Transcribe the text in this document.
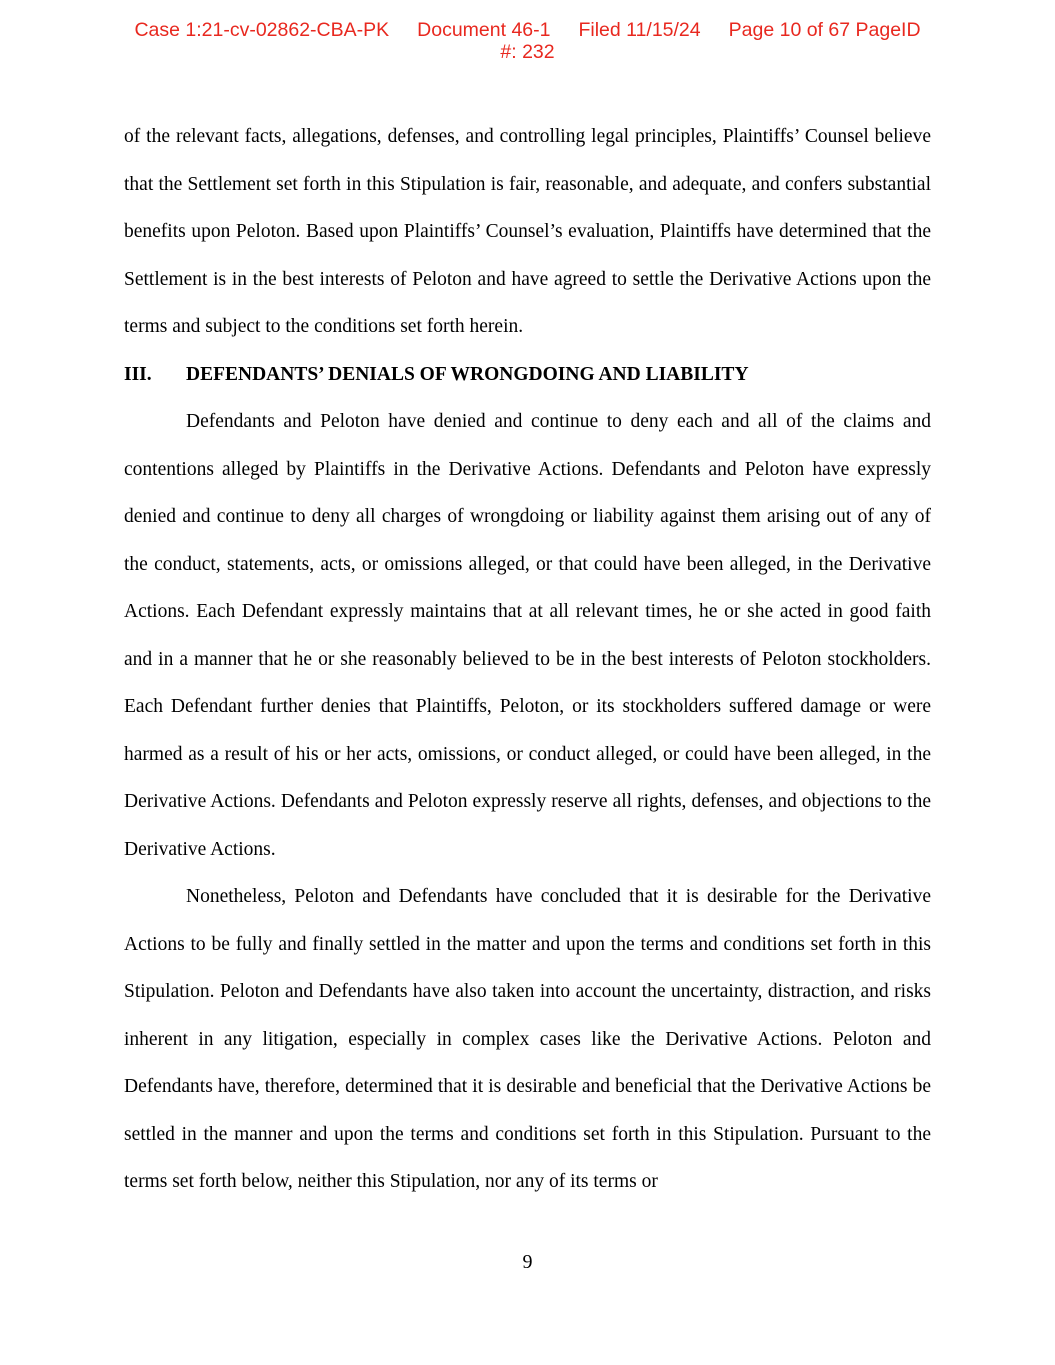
Case 1:21-cv-02862-CBA-PK Document 46-1 Filed 11/15/24 Page 10 of 67 PageID
#: 232

of the relevant facts, allegations, defenses, and controlling legal principles, Plaintiffs’ Counsel believe that the Settlement set forth in this Stipulation is fair, reasonable, and adequate, and confers substantial benefits upon Peloton. Based upon Plaintiffs’ Counsel’s evaluation, Plaintiffs have determined that the Settlement is in the best interests of Peloton and have agreed to settle the Derivative Actions upon the terms and subject to the conditions set forth herein.

III.	DEFENDANTS’ DENIALS OF WRONGDOING AND LIABILITY

Defendants and Peloton have denied and continue to deny each and all of the claims and contentions alleged by Plaintiffs in the Derivative Actions. Defendants and Peloton have expressly denied and continue to deny all charges of wrongdoing or liability against them arising out of any of the conduct, statements, acts, or omissions alleged, or that could have been alleged, in the Derivative Actions. Each Defendant expressly maintains that at all relevant times, he or she acted in good faith and in a manner that he or she reasonably believed to be in the best interests of Peloton stockholders. Each Defendant further denies that Plaintiffs, Peloton, or its stockholders suffered damage or were harmed as a result of his or her acts, omissions, or conduct alleged, or could have been alleged, in the Derivative Actions. Defendants and Peloton expressly reserve all rights, defenses, and objections to the Derivative Actions.

Nonetheless, Peloton and Defendants have concluded that it is desirable for the Derivative Actions to be fully and finally settled in the matter and upon the terms and conditions set forth in this Stipulation. Peloton and Defendants have also taken into account the uncertainty, distraction, and risks inherent in any litigation, especially in complex cases like the Derivative Actions. Peloton and Defendants have, therefore, determined that it is desirable and beneficial that the Derivative Actions be settled in the manner and upon the terms and conditions set forth in this Stipulation. Pursuant to the terms set forth below, neither this Stipulation, nor any of its terms or

9
